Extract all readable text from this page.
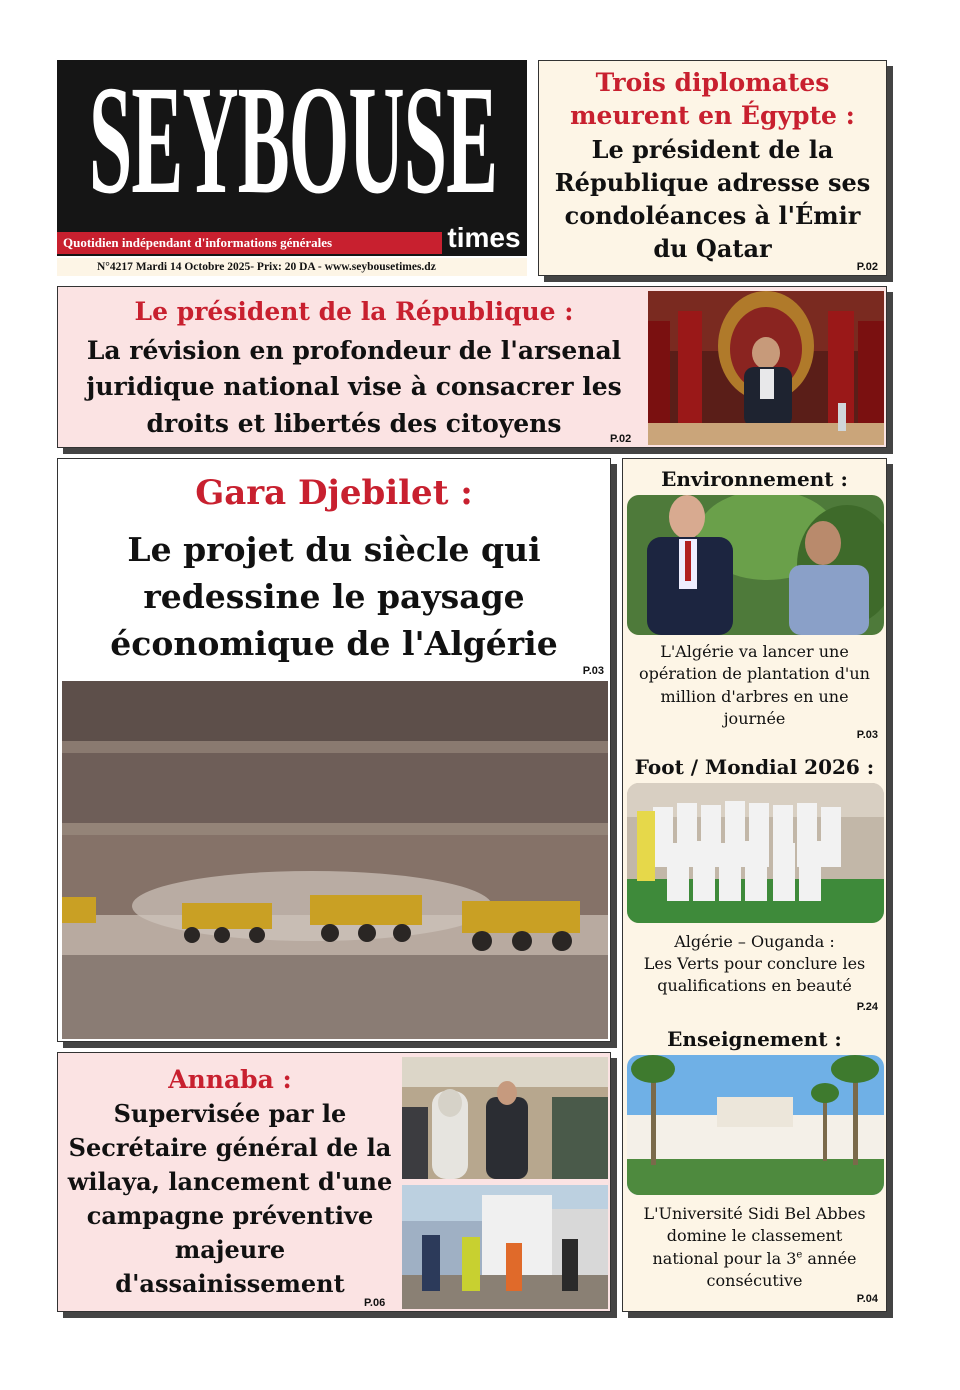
SEYBOUSE
Quotidien indépendant d'informations générales	times
N°4217 Mardi 14 Octobre 2025- Prix: 20 DA - www.seybousetimes.dz
Trois diplomates meurent en Égypte :
Le président de la République adresse ses condoléances à l'Émir du Qatar
P.02
Le président de la République :
La révision en profondeur de l'arsenal juridique national vise à consacrer les droits et libertés des citoyens
P.02
Gara Djebilet :
Le projet du siècle qui redessine le paysage économique de l'Algérie
P.03
Annaba :
Supervisée par le Secrétaire général de la wilaya, lancement d'une campagne préventive majeure d'assainissement
P.06
Environnement :
L'Algérie va lancer une opération de plantation d'un million d'arbres en une journée
P.03
Foot / Mondial 2026 :
Algérie – Ouganda :
Les Verts pour conclure les qualifications en beauté
P.24
Enseignement :
L'Université Sidi Bel Abbes domine le classement national pour la 3e année consécutive
P.04
